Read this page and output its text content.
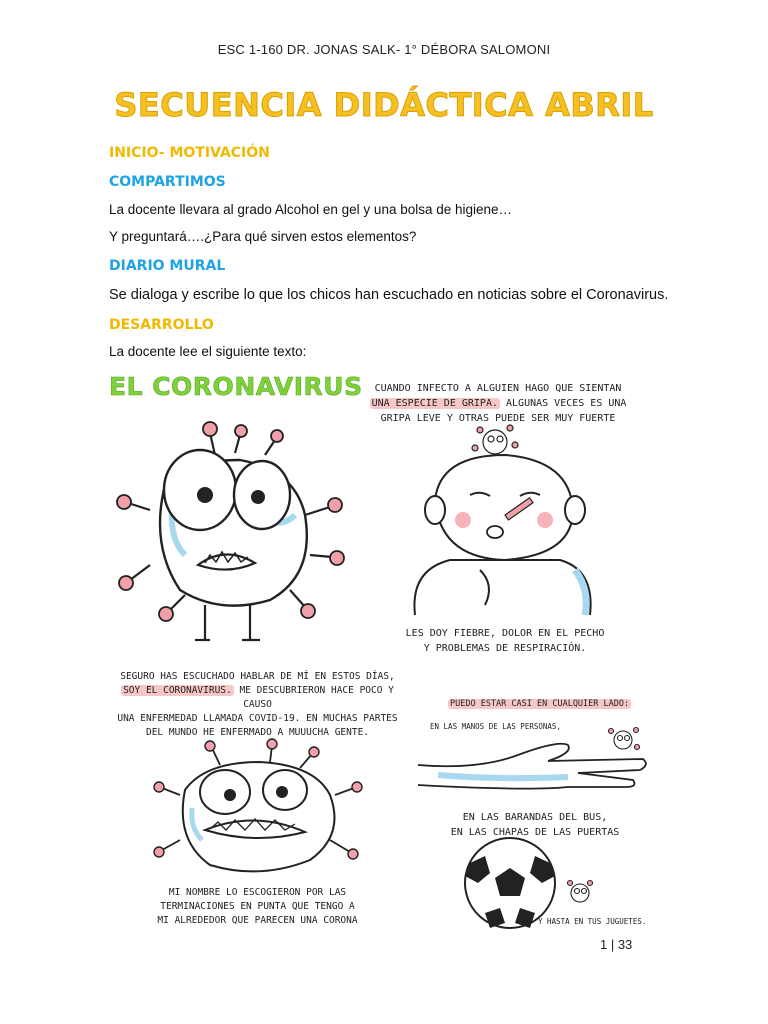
ESC 1-160 DR. JONAS SALK- 1° DÉBORA SALOMONI
SECUENCIA DIDÁCTICA ABRIL
INICIO- MOTIVACIÓN
COMPARTIMOS
La docente llevara al grado Alcohol en gel y una bolsa de higiene…
Y preguntará….¿Para qué sirven estos elementos?
DIARIO MURAL
Se dialoga y escribe lo que los chicos han escuchado en noticias sobre el Coronavirus.
DESARROLLO
La docente lee el siguiente texto:
EL CORONAVIRUS	CUANDO INFECTO A ALGUIEN HAGO QUE SIENTAN
UNA ESPECIE DE GRIPA. ALGUNAS VECES ES UNA
GRIPA LEVE Y OTRAS PUEDE SER MUY FUERTE
LES DOY FIEBRE, DOLOR EN EL PECHO
Y PROBLEMAS DE RESPIRACIÓN.
SEGURO HAS ESCUCHADO HABLAR DE MÍ EN ESTOS DÍAS,
SOY EL CORONAVIRUS. ME DESCUBRIERON HACE POCO Y CAUSO
UNA ENFERMEDAD LLAMADA COVID-19. EN MUCHAS PARTES
DEL MUNDO HE ENFERMADO A MUUUCHA GENTE.
MI NOMBRE LO ESCOGIERON POR LAS
TERMINACIONES EN PUNTA QUE TENGO A
MI ALREDEDOR QUE PARECEN UNA CORONA
PUEDO ESTAR CASI EN CUALQUIER LADO:
EN LAS MANOS DE LAS PERSONAS,
EN LAS BARANDAS DEL BUS,
EN LAS CHAPAS DE LAS PUERTAS
Y HASTA EN TUS JUGUETES.
1 | 33
